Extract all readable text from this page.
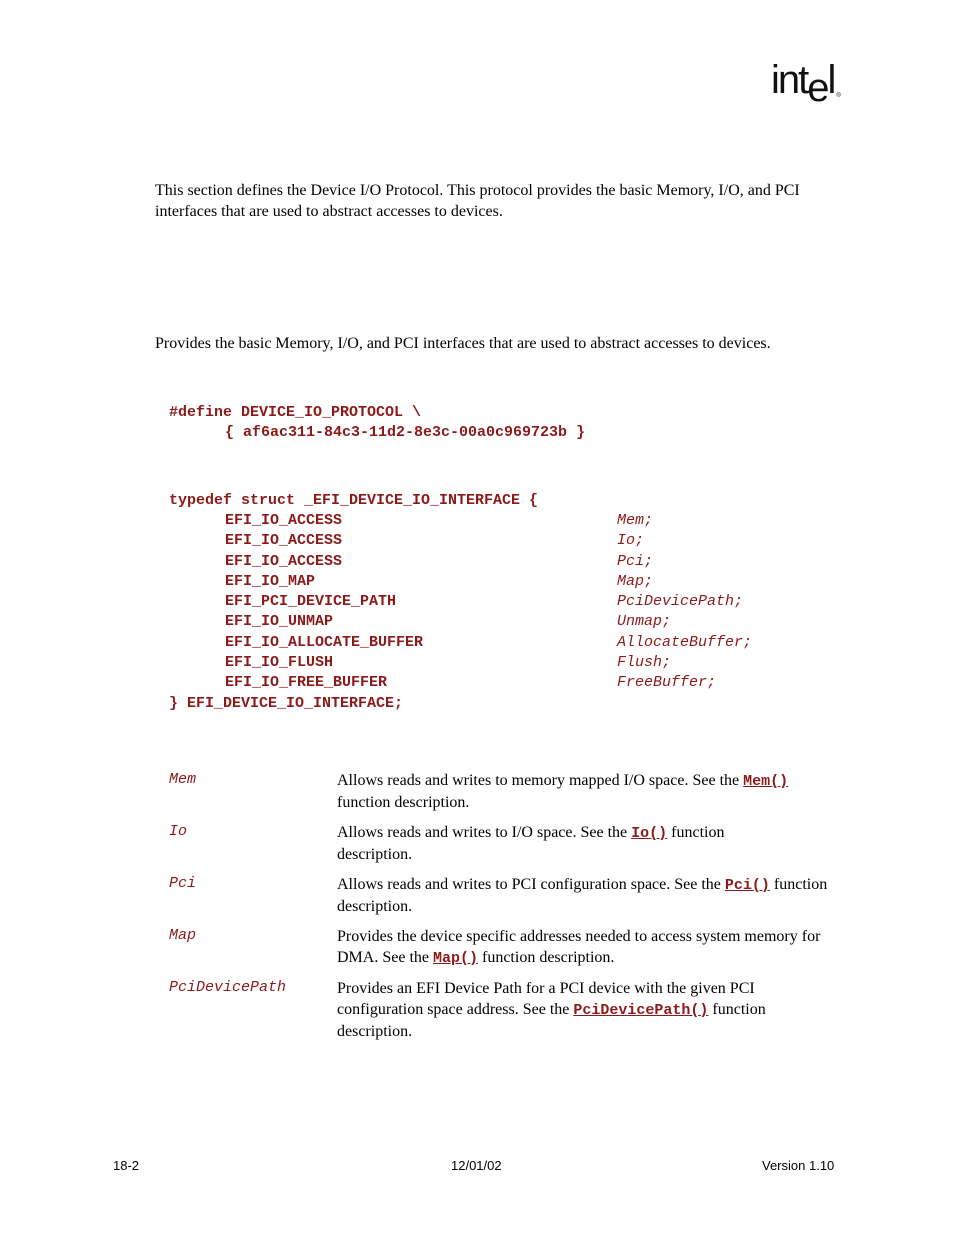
intel ®
This section defines the Device I/O Protocol. This protocol provides the basic Memory, I/O, and PCI interfaces that are used to abstract accesses to devices.
Provides the basic Memory, I/O, and PCI interfaces that are used to abstract accesses to devices.
#define DEVICE_IO_PROTOCOL \
{ af6ac311-84c3-11d2-8e3c-00a0c969723b }
typedef struct _EFI_DEVICE_IO_INTERFACE {
EFI_IO_ACCESS	Mem;
EFI_IO_ACCESS	Io;
EFI_IO_ACCESS	Pci;
EFI_IO_MAP	Map;
EFI_PCI_DEVICE_PATH	PciDevicePath;
EFI_IO_UNMAP	Unmap;
EFI_IO_ALLOCATE_BUFFER	AllocateBuffer;
EFI_IO_FLUSH	Flush;
EFI_IO_FREE_BUFFER	FreeBuffer;
} EFI_DEVICE_IO_INTERFACE;
Mem	Allows reads and writes to memory mapped I/O space. See the Mem() function description.
Io	Allows reads and writes to I/O space. See the Io() function description.
Pci	Allows reads and writes to PCI configuration space. See the Pci() function description.
Map	Provides the device specific addresses needed to access system memory for DMA. See the Map() function description.
PciDevicePath	Provides an EFI Device Path for a PCI device with the given PCI configuration space address. See the PciDevicePath() function description.
18-2	12/01/02	Version 1.10
